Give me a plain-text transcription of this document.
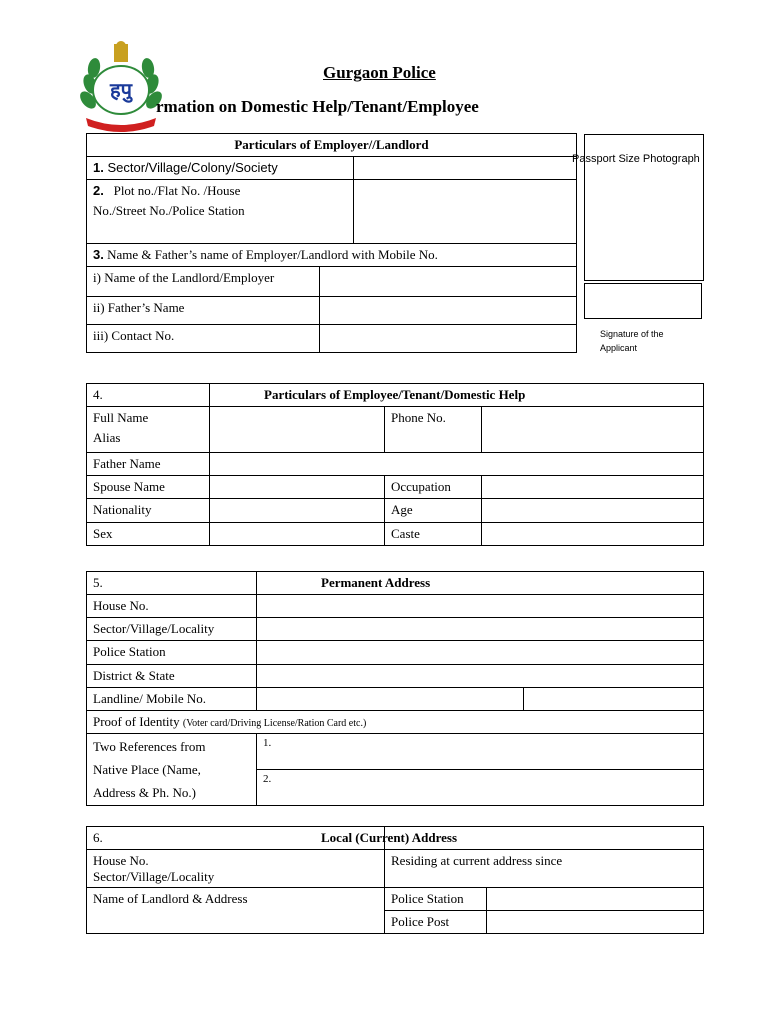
हपु
सेवा सुरक्षा सहयोग
Gurgaon Police
rmation on Domestic Help/Tenant/Employee
Passport Size Photograph
Signature of the Applicant
Particulars of Employer//Landlord		
1. Sector/Village/Colony/Society		
2. Plot no./Flat No. /House
No./Street No./Police Station		
3. Name & Father’s name of Employer/Landlord with Mobile No.		
i) Name of the Landlord/Employer		
ii) Father’s Name		
iii) Contact No.		
4.	Particulars of Employee/Tenant/Domestic Help		
Full Name
Alias		Phone No.	
Father Name			
Spouse Name		Occupation	
Nationality		Age	
Sex		Caste	
5.	Permanent Address	
House No.		
Sector/Village/Locality		
Police Station		
District & State		
Landline/ Mobile No.		
Proof of Identity (Voter card/Driving License/Ration Card etc.)		
Two References from
Native Place (Name,
Address & Ph. No.)	1.	
	2.	
6.	Local (Current) Address	
House No.
Sector/Village/Locality	Residing at current address since	
Name of Landlord & Address	Police Station	
	Police Post	
